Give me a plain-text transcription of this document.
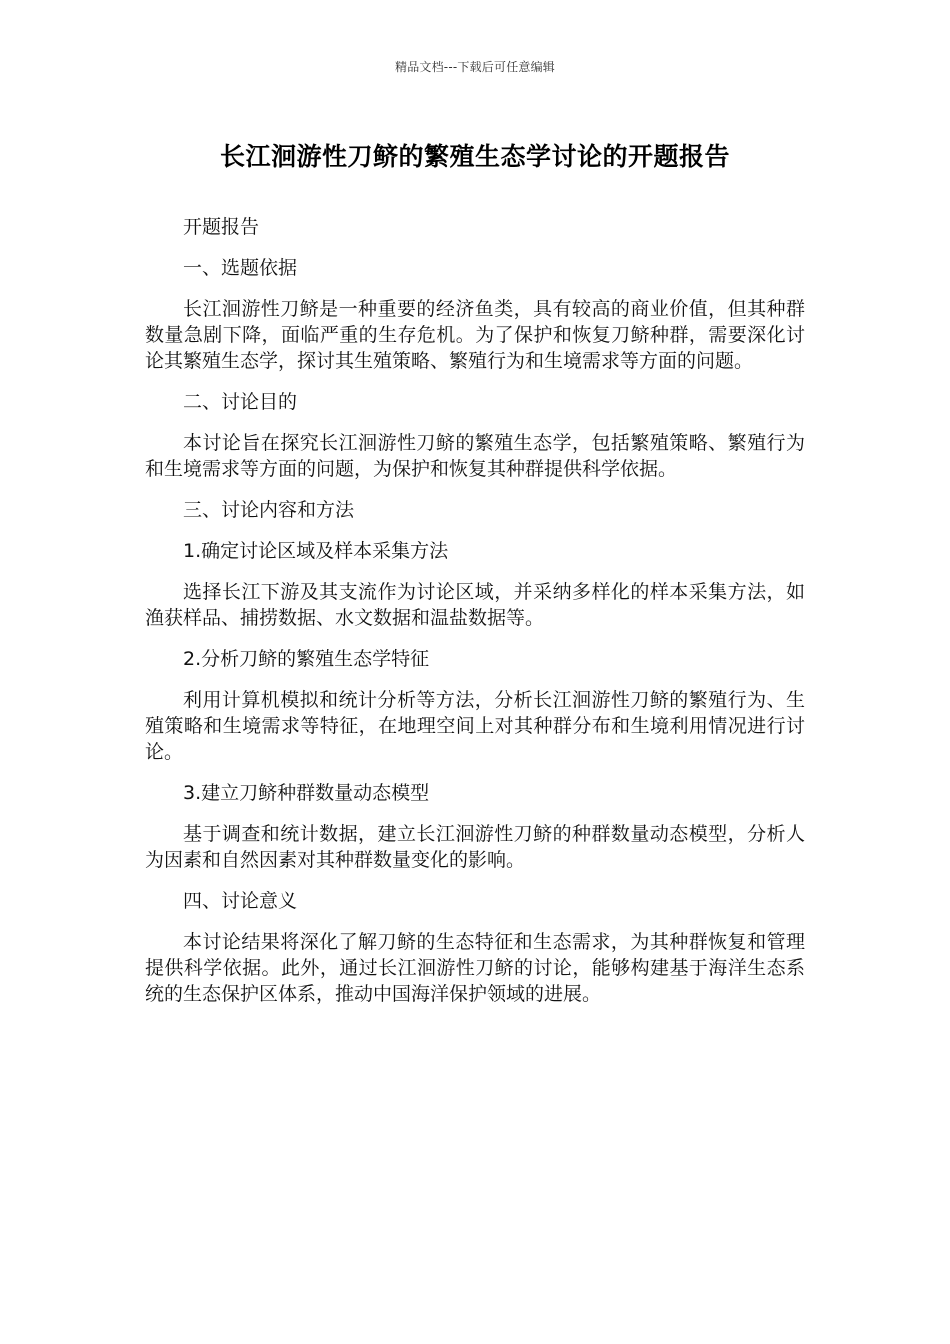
精品文档---下载后可任意编辑
长江洄游性刀鲚的繁殖生态学讨论的开题报告

开题报告

一、选题依据

长江洄游性刀鲚是一种重要的经济鱼类，具有较高的商业价值，但其种群数量急剧下降，面临严重的生存危机。为了保护和恢复刀鲚种群，需要深化讨论其繁殖生态学，探讨其生殖策略、繁殖行为和生境需求等方面的问题。

二、讨论目的

本讨论旨在探究长江洄游性刀鲚的繁殖生态学，包括繁殖策略、繁殖行为和生境需求等方面的问题，为保护和恢复其种群提供科学依据。

三、讨论内容和方法

1.确定讨论区域及样本采集方法

选择长江下游及其支流作为讨论区域，并采纳多样化的样本采集方法，如渔获样品、捕捞数据、水文数据和温盐数据等。

2.分析刀鲚的繁殖生态学特征

利用计算机模拟和统计分析等方法，分析长江洄游性刀鲚的繁殖行为、生殖策略和生境需求等特征，在地理空间上对其种群分布和生境利用情况进行讨论。

3.建立刀鲚种群数量动态模型

基于调查和统计数据，建立长江洄游性刀鲚的种群数量动态模型，分析人为因素和自然因素对其种群数量变化的影响。

四、讨论意义

本讨论结果将深化了解刀鲚的生态特征和生态需求，为其种群恢复和管理提供科学依据。此外，通过长江洄游性刀鲚的讨论，能够构建基于海洋生态系统的生态保护区体系，推动中国海洋保护领域的进展。
